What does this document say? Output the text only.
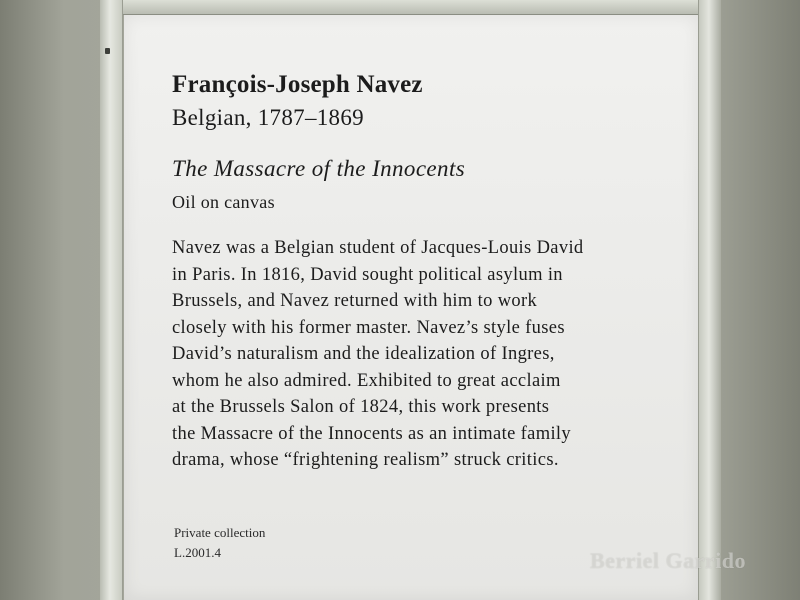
François-Joseph Navez
Belgian, 1787–1869
The Massacre of the Innocents
Oil on canvas
Navez was a Belgian student of Jacques-Louis David
in Paris. In 1816, David sought political asylum in
Brussels, and Navez returned with him to work
closely with his former master. Navez’s style fuses
David’s naturalism and the idealization of Ingres,
whom he also admired. Exhibited to great acclaim
at the Brussels Salon of 1824, this work presents
the Massacre of the Innocents as an intimate family
drama, whose “frightening realism” struck critics.
Private collection
L.2001.4	Berriel Garrido
